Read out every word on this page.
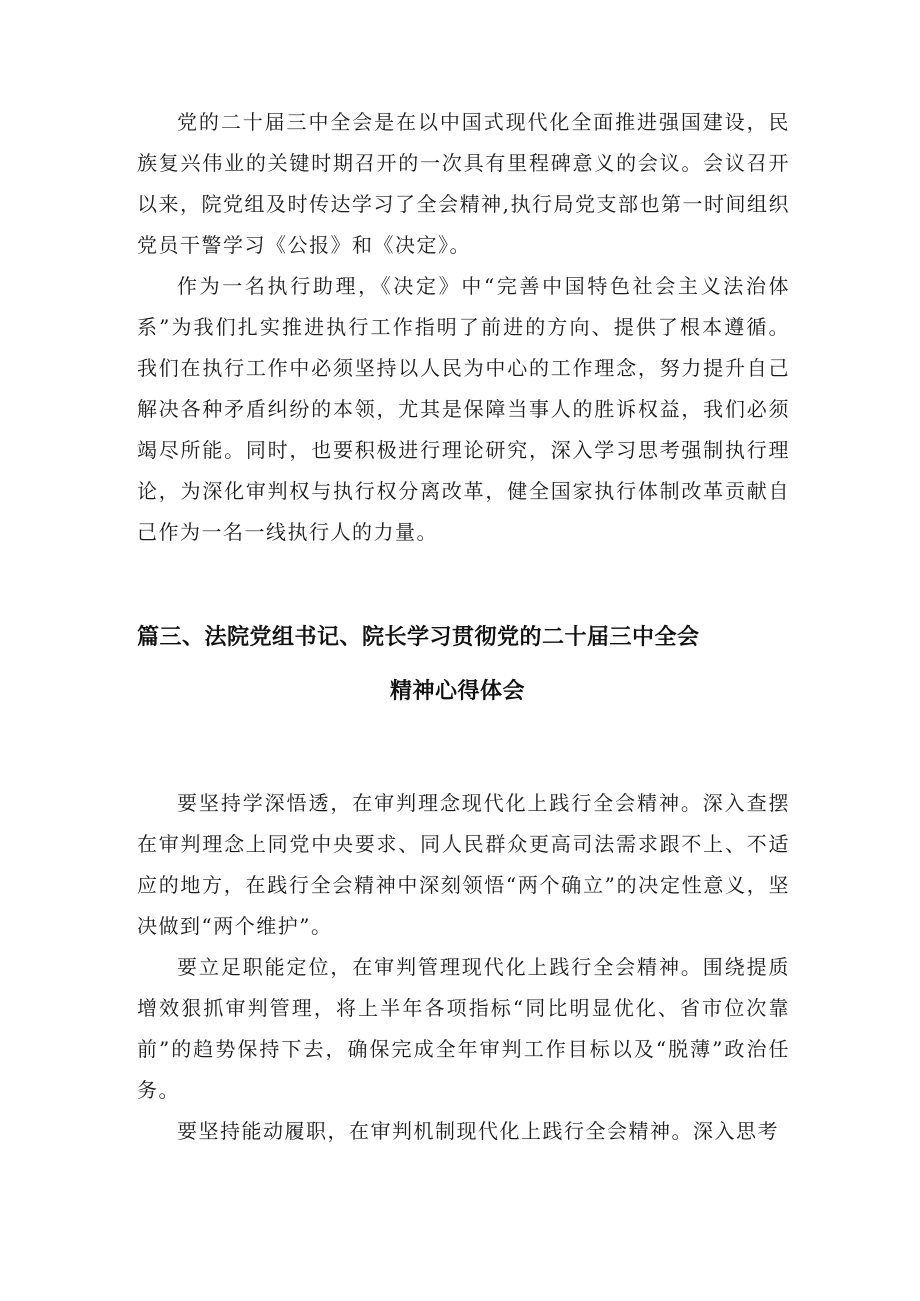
党的二十届三中全会是在以中国式现代化全面推进强国建设，民族复兴伟业的关键时期召开的一次具有里程碑意义的会议。会议召开以来，院党组及时传达学习了全会精神,执行局党支部也第一时间组织党员干警学习《公报》和《决定》。

作为一名执行助理，《决定》中“完善中国特色社会主义法治体系”为我们扎实推进执行工作指明了前进的方向、提供了根本遵循。我们在执行工作中必须坚持以人民为中心的工作理念，努力提升自己解决各种矛盾纠纷的本领，尤其是保障当事人的胜诉权益，我们必须竭尽所能。同时，也要积极进行理论研究，深入学习思考强制执行理论，为深化审判权与执行权分离改革，健全国家执行体制改革贡献自己作为一名一线执行人的力量。

篇三、法院党组书记、院长学习贯彻党的二十届三中全会
精神心得体会

要坚持学深悟透，在审判理念现代化上践行全会精神。深入查摆在审判理念上同党中央要求、同人民群众更高司法需求跟不上、不适应的地方，在践行全会精神中深刻领悟“两个确立”的决定性意义，坚决做到“两个维护”。

要立足职能定位，在审判管理现代化上践行全会精神。围绕提质增效狠抓审判管理，将上半年各项指标“同比明显优化、省市位次靠前”的趋势保持下去，确保完成全年审判工作目标以及“脱薄”政治任务。

要坚持能动履职，在审判机制现代化上践行全会精神。深入思考
